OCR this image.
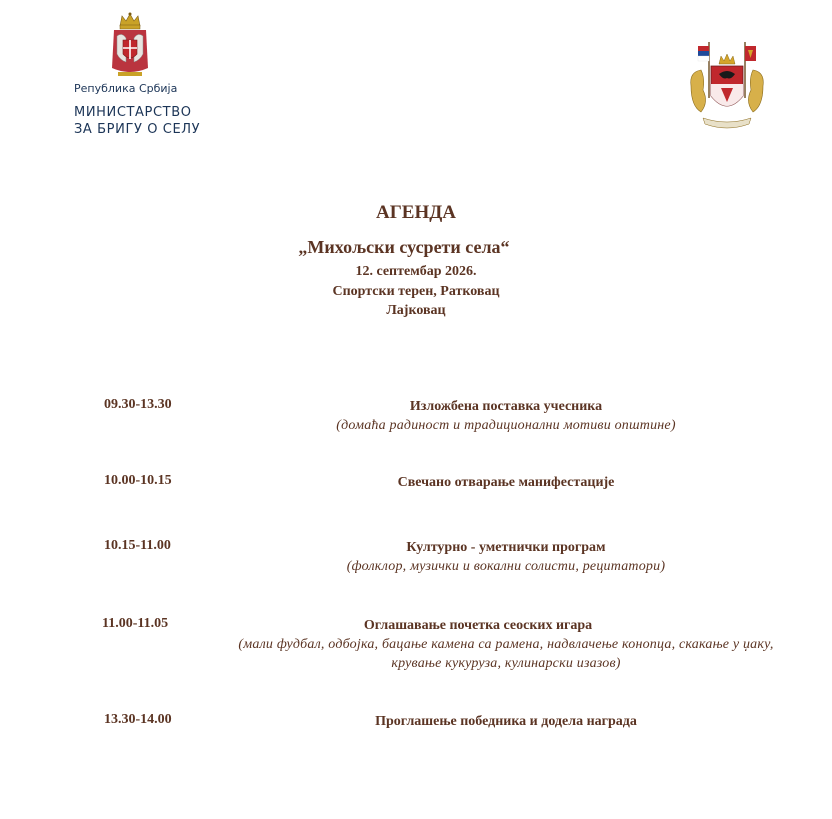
Република Србија
МИНИСТАРСТВО
ЗА БРИГУ О СЕЛУ
АГЕНДА
„Михољски сусрети села“
12. септембар 2026.
Спортски терен, Ратковац
Лајковац
09.30-13.30	Изложбена поставка учесника
(домаћа радиност и традиционални мотиви општине)
10.00-10.15	Свечано отварање манифестације
10.15-11.00	Културно - уметнички програм
(фолклор, музички и вокални солисти, рецитатори)
11.00-11.05	Оглашавање почетка сеоских игара
(мали фудбал, одбојка, бацање камена са рамена, надвлачење конопца, скакање у џаку, крување кукуруза, кулинарски изазов)
13.30-14.00	Проглашење победника и додела награда
